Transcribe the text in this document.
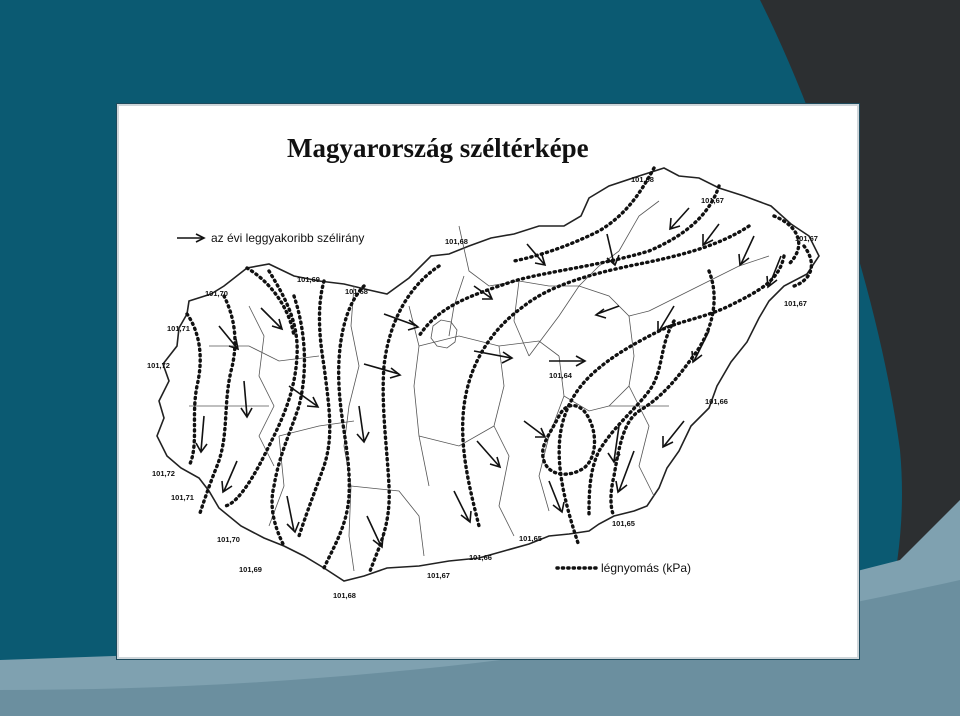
Magyarország széltérképe
az évi leggyakoribb szélirány
légnyomás (kPa)
101,68
101,67
101,67
101,68
101,67
101,69
101,68
101,70
101,71
101,72
101,64
101,66
101,72
101,71
101,70
101,69
101,68
101,67
101,66
101,65
101,65
